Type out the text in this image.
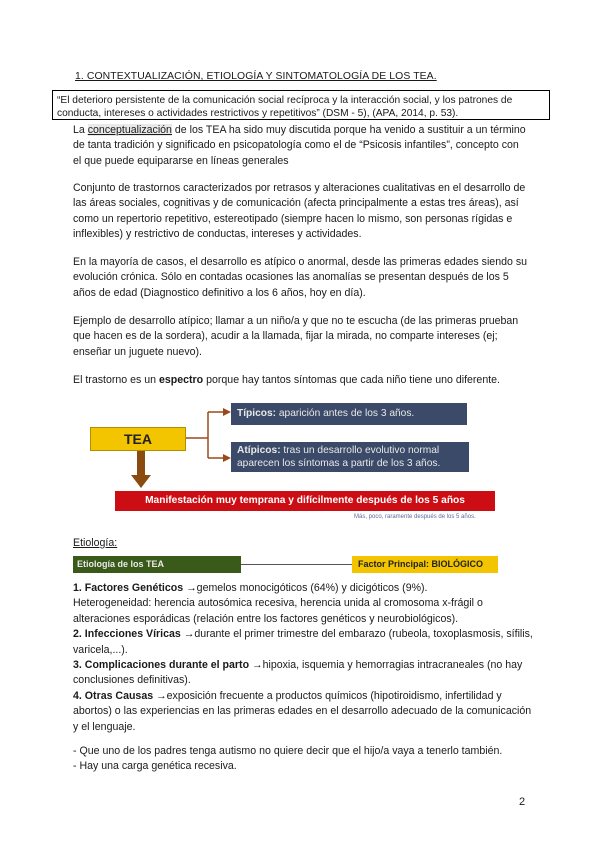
1. CONTEXTUALIZACIÓN, ETIOLOGÍA Y SINTOMATOLOGÍA DE LOS TEA.
“El deterioro persistente de la comunicación social recíproca y la interacción social, y los patrones de conducta, intereses o actividades restrictivos y repetitivos” (DSM - 5), (APA, 2014, p. 53).
La conceptualización de los TEA ha sido muy discutida porque ha venido a sustituir a un término de tanta tradición y significado en psicopatología como el de “Psicosis infantiles”, concepto con el que puede equipararse en líneas generales
Conjunto de trastornos caracterizados por retrasos y alteraciones cualitativas en el desarrollo de las áreas sociales, cognitivas y de comunicación (afecta principalmente a estas tres áreas), así como un repertorio repetitivo, estereotipado (siempre hacen lo mismo, son personas rígidas e inflexibles) y restrictivo de conductas, intereses y actividades.
En la mayoría de casos, el desarrollo es atípico o anormal, desde las primeras edades siendo su evolución crónica. Sólo en contadas ocasiones las anomalías se presentan después de los 5 años de edad (Diagnostico definitivo a los 6 años, hoy en día).
Ejemplo de desarrollo atípico; llamar a un niño/a y que no te escucha (de las primeras prueban que hacen es de la sordera), acudir a la llamada, fijar la mirada, no comparte intereses (ej; enseñar un juguete nuevo).
El trastorno es un espectro porque hay tantos síntomas que cada niño tiene uno diferente.
TEA
Típicos: aparición antes de los 3 años.
Atípicos: tras un desarrollo evolutivo normal aparecen los síntomas a partir de los 3 años.
Manifestación muy temprana y difícilmente después de los 5 años
Más, poco, raramente después de los 5 años.
Etiología:
Etiología de los TEA	Factor Principal: BIOLÓGICO
1. Factores Genéticos →gemelos monocigóticos (64%) y dicigóticos (9%).
Heterogeneidad: herencia autosómica recesiva, herencia unida al cromosoma x-frágil o alteraciones esporádicas (relación entre los factores genéticos y neurobiológicos).
2. Infecciones Víricas →durante el primer trimestre del embarazo (rubeola, toxoplasmosis, sífilis, varicela,...).
3. Complicaciones durante el parto →hipoxia, isquemia y hemorragias intracraneales (no hay conclusiones definitivas).
4. Otras Causas →exposición frecuente a productos químicos (hipotiroidismo, infertilidad y abortos) o las experiencias en las primeras edades en el desarrollo adecuado de la comunicación y el lenguaje.
- Que uno de los padres tenga autismo no quiere decir que el hijo/a vaya a tenerlo también.
- Hay una carga genética recesiva.
2
